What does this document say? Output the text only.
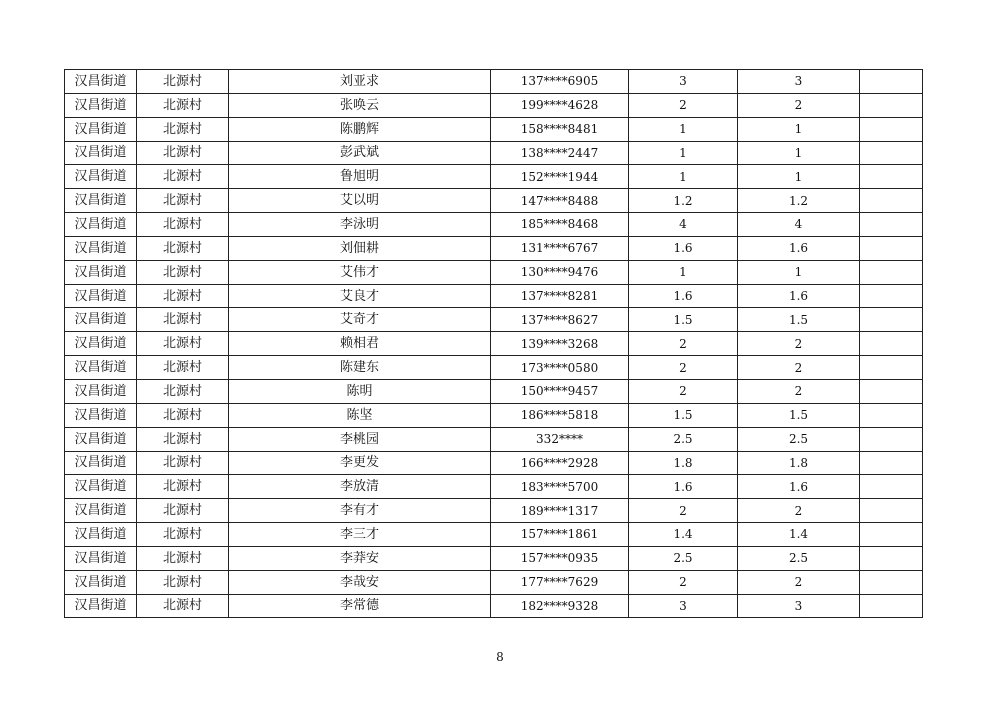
汉昌街道	北源村	刘亚求	137****6905	3	3	
汉昌街道	北源村	张唤云	199****4628	2	2	
汉昌街道	北源村	陈鹏辉	158****8481	1	1	
汉昌街道	北源村	彭武斌	138****2447	1	1	
汉昌街道	北源村	鲁旭明	152****1944	1	1	
汉昌街道	北源村	艾以明	147****8488	1.2	1.2	
汉昌街道	北源村	李泳明	185****8468	4	4	
汉昌街道	北源村	刘佃耕	131****6767	1.6	1.6	
汉昌街道	北源村	艾伟才	130****9476	1	1	
汉昌街道	北源村	艾良才	137****8281	1.6	1.6	
汉昌街道	北源村	艾奇才	137****8627	1.5	1.5	
汉昌街道	北源村	赖相君	139****3268	2	2	
汉昌街道	北源村	陈建东	173****0580	2	2	
汉昌街道	北源村	陈明	150****9457	2	2	
汉昌街道	北源村	陈坚	186****5818	1.5	1.5	
汉昌街道	北源村	李桃园	332****	2.5	2.5	
汉昌街道	北源村	李更发	166****2928	1.8	1.8	
汉昌街道	北源村	李放清	183****5700	1.6	1.6	
汉昌街道	北源村	李有才	189****1317	2	2	
汉昌街道	北源村	李三才	157****1861	1.4	1.4	
汉昌街道	北源村	李莽安	157****0935	2.5	2.5	
汉昌街道	北源村	李哉安	177****7629	2	2	
汉昌街道	北源村	李常德	182****9328	3	3	
8
